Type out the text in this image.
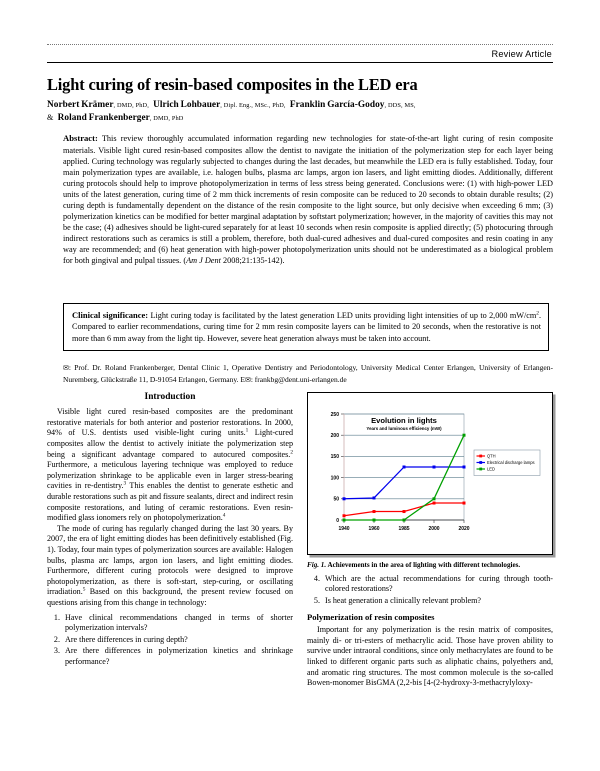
Review Article
Light curing of resin-based composites in the LED era
Norbert Krämer, DMD, PhD, Ulrich Lohbauer, Dipl. Eng., MSc., PhD, Franklin García-Godoy, DDS, MS,
& Roland Frankenberger, DMD, PhD
Abstract: This review thoroughly accumulated information regarding new technologies for state-of-the-art light curing of resin composite materials. Visible light cured resin-based composites allow the dentist to navigate the initiation of the polymerization step for each layer being applied. Curing technology was regularly subjected to changes during the last decades, but meanwhile the LED era is fully established. Today, four main polymerization types are available, i.e. halogen bulbs, plasma arc lamps, argon ion lasers, and light emitting diodes. Additionally, different curing protocols should help to improve photopolymerization in terms of less stress being generated. Conclusions were: (1) with high-power LED units of the latest generation, curing time of 2 mm thick increments of resin composite can be reduced to 20 seconds to obtain durable results; (2) curing depth is fundamentally dependent on the distance of the resin composite to the light source, but only decisive when exceeding 6 mm; (3) polymerization kinetics can be modified for better marginal adaptation by softstart polymerization; however, in the majority of cavities this may not be the case; (4) adhesives should be light-cured separately for at least 10 seconds when resin composite is applied directly; (5) photocuring through indirect restorations such as ceramics is still a problem, therefore, both dual-cured adhesives and dual-cured composites and resin coating in any way are recommended; and (6) heat generation with high-power photopolymerization units should not be underestimated as a biological problem for both gingival and pulpal tissues. (Am J Dent 2008;21:135-142).

Clinical significance: Light curing today is facilitated by the latest generation LED units providing light intensities of up to 2,000 $mW/cm^2$. Compared to earlier recommendations, curing time for 2 mm resin composite layers can be limited to 20 seconds, when the restorative is not more than 6 mm away from the light tip. However, severe heat generation always must be taken into account.

✉: Prof. Dr. Roland Frankenberger, Dental Clinic 1, Operative Dentistry and Periodontology, University Medical Center Erlangen, University of Erlangen-Nuremberg, Glückstraße 11, D-91054 Erlangen, Germany. E✉: frankbg@dent.uni-erlangen.de
Introduction

Visible light cured resin-based composites are the predominant restorative materials for both anterior and posterior restorations. In 2000, 94% of U.S. dentists used visible-light curing units.$^1$ Light-cured composites allow the dentist to actively initiate the polymerization step being a significant advantage compared to autocured composites.$^2$ Furthermore, a meticulous layering technique was employed to reduce polymerization shrinkage to be applicable even in larger stress-bearing cavities in re-dentistry.$^3$ This enables the dentist to generate esthetic and durable restorations such as pit and fissure sealants, direct and indirect resin composite restorations, and luting of ceramic restorations. Even resin-modified glass ionomers rely on photopolymerization.$^4$

The mode of curing has regularly changed during the last 30 years. By 2007, the era of light emitting diodes has been definitively established (Fig. 1). Today, four main types of polymerization sources are available: Halogen bulbs, plasma arc lamps, argon ion lasers, and light emitting diodes. Furthermore, different curing protocols were designed to improve photopolymerization, as there is soft-start, step-curing, or oscillating irradiation.$^5$ Based on this background, the present review focused on questions arising from this change in technology:

1. Have clinical recommendations changed in terms of shorter polymerization intervals?
2. Are there differences in curing depth?
3. Are there differences in polymerization kinetics and shrinkage performance?
0
50
100
150
200
250
1940	1960	1985	2000	2020
Evolution in lights
Years and luminous efficiency (mW)
QTH
Electrical discharge lamps
LED
Fig. 1. Achievements in the area of lighting with different technologies.
4. Which are the actual recommendations for curing through tooth-colored restorations?
5. Is heat generation a clinically relevant problem?
Polymerization of resin composites

Important for any polymerization is the resin matrix of composites, mainly di- or tri-esters of methacrylic acid. Those have proven ability to survive under intraoral conditions, since only methacrylates are found to be linked to different organic parts such as aliphatic chains, polyethers and, and aromatic ring structures. The most common molecule is the so-called Bowen-monomer BisGMA (2,2-bis [4-(2-hydroxy-3-methacrylyloxy-
